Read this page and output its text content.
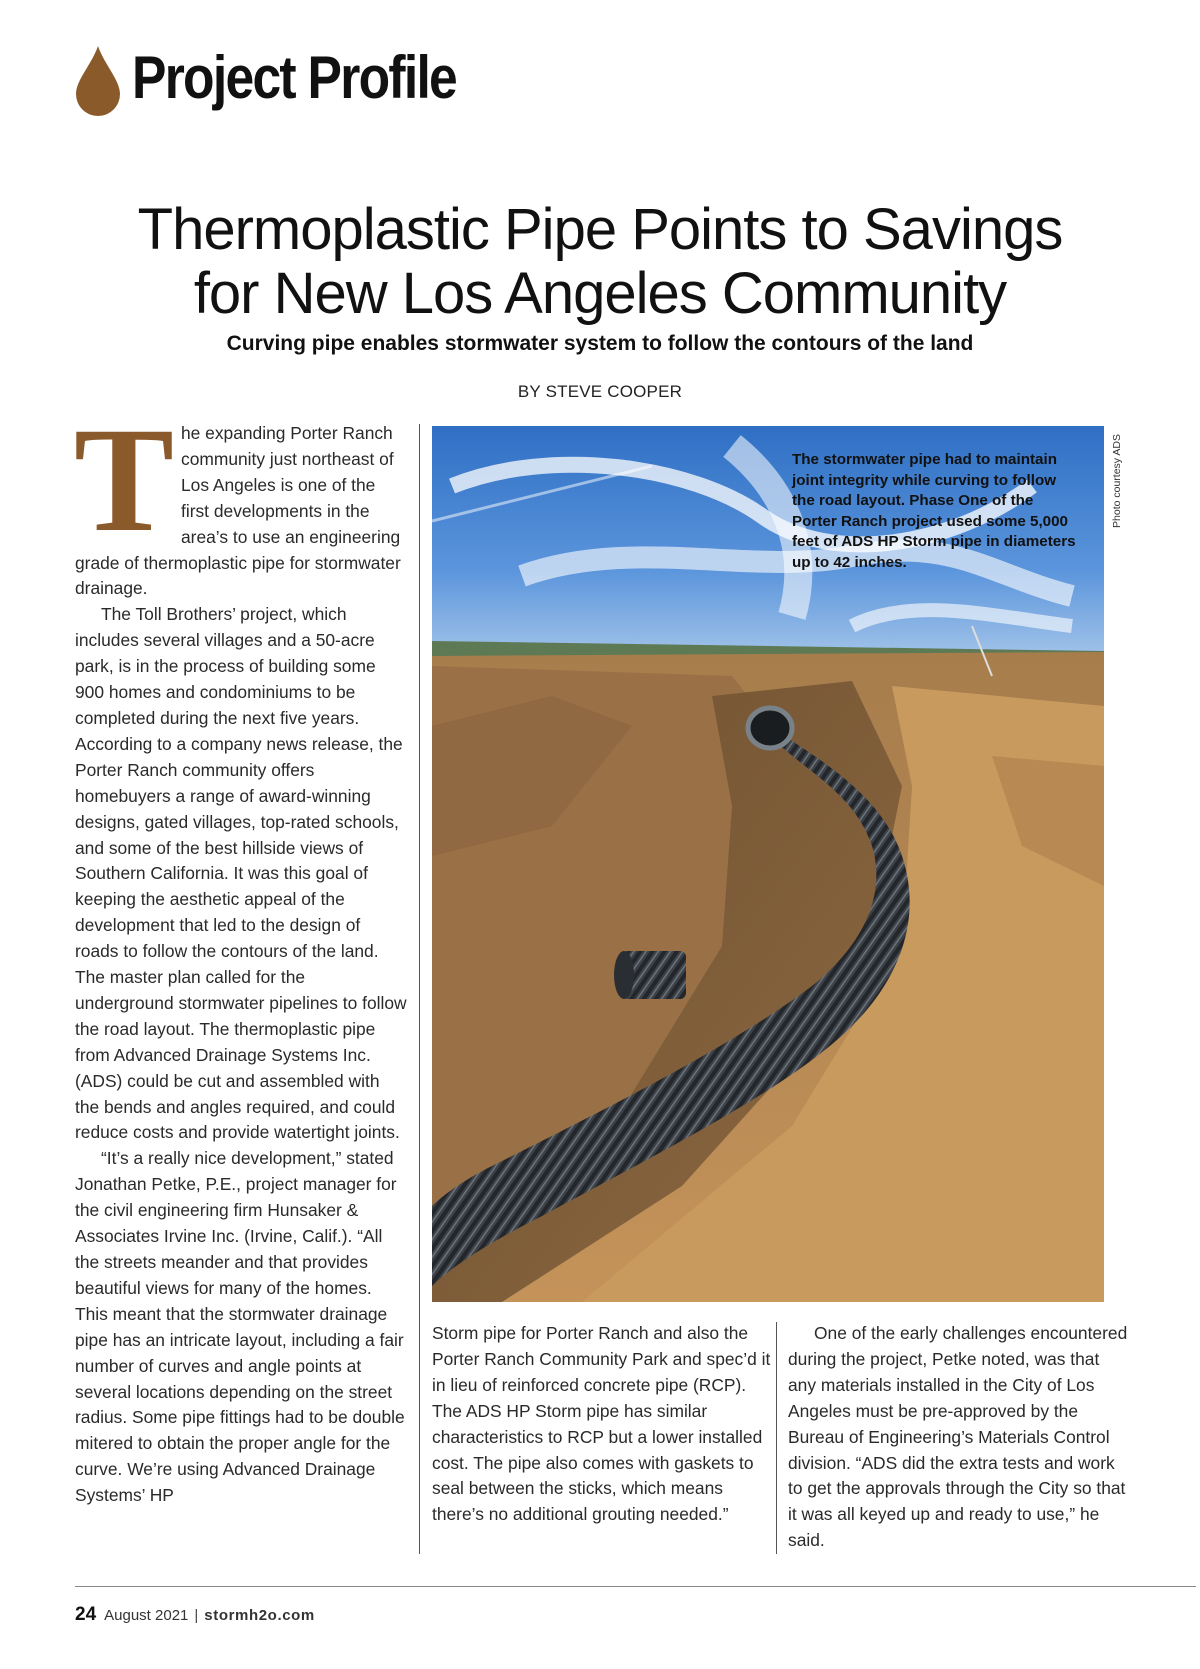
Project Profile
Thermoplastic Pipe Points to Savings
for New Los Angeles Community
Curving pipe enables stormwater system to follow the contours of the land
BY STEVE COOPER
T he expanding Porter Ranch community just northeast of Los Angeles is one of the first developments in the area’s to use an engineering grade of thermoplastic pipe for stormwater drainage.

The Toll Brothers’ project, which includes several villages and a 50-acre park, is in the process of building some 900 homes and condominiums to be completed during the next five years. According to a company news release, the Porter Ranch community offers homebuyers a range of award-winning designs, gated villages, top-rated schools, and some of the best hillside views of Southern California. It was this goal of keeping the aesthetic appeal of the development that led to the design of roads to follow the contours of the land. The master plan called for the underground stormwater pipelines to follow the road layout. The thermoplastic pipe from Advanced Drainage Systems Inc. (ADS) could be cut and assembled with the bends and angles required, and could reduce costs and provide watertight joints.

“It’s a really nice development,” stated Jonathan Petke, P.E., project manager for the civil engineering firm Hunsaker & Associates Irvine Inc. (Irvine, Calif.). “All the streets meander and that provides beautiful views for many of the homes. This meant that the stormwater drainage pipe has an intricate layout, including a fair number of curves and angle points at several locations depending on the street radius. Some pipe fittings had to be double mitered to obtain the proper angle for the curve. We’re using Advanced Drainage Systems’ HP

The stormwater pipe had to maintain joint integrity while curving to follow the road layout. Phase One of the Porter Ranch project used some 5,000 feet of ADS HP Storm pipe in diameters up to 42 inches.
Photo courtesy ADS

Storm pipe for Porter Ranch and also the Porter Ranch Community Park and spec’d it in lieu of reinforced concrete pipe (RCP). The ADS HP Storm pipe has similar characteristics to RCP but a lower installed cost. The pipe also comes with gaskets to seal between the sticks, which means there’s no additional grouting needed.”

One of the early challenges encountered during the project, Petke noted, was that any materials installed in the City of Los Angeles must be pre-approved by the Bureau of Engineering’s Materials Control division. “ADS did the extra tests and work to get the approvals through the City so that it was all keyed up and ready to use,” he said.

24 August 2021 | stormh2o.com
